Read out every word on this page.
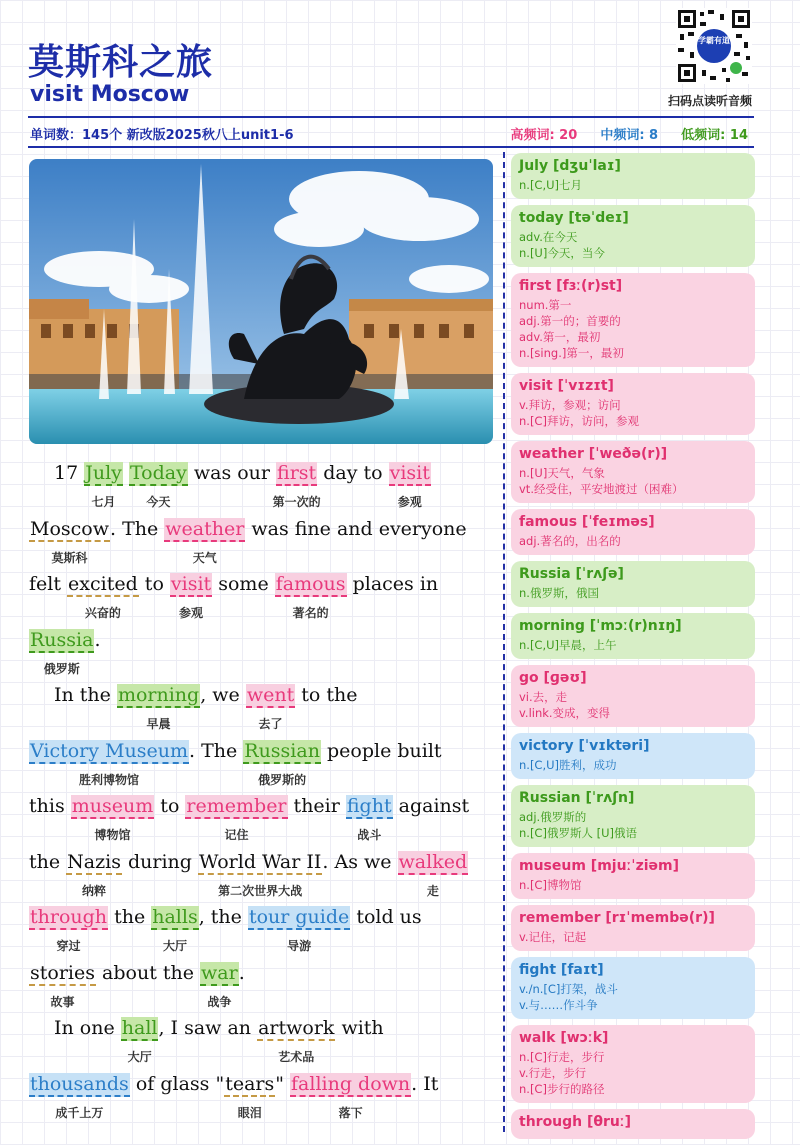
莫斯科之旅
visit Moscow
学霸有道
扫码点读听音频
单词数：145个 新改版2025秋八上unit1-6	高频词: 20 中频词: 8 低频词: 14
17 July
七月
Today
今天
was our first
第一次的
day to visit
参观
Moscow
莫斯科
. The weather
天气
was fine and everyone
felt excited
兴奋的
to visit
参观
some famous
著名的
places in
Russia
俄罗斯
.
In the morning
早晨
, we went
去了
to the
Victory Museum
胜利博物馆
. The Russian
俄罗斯的
people built
this museum
博物馆
to remember
记住
their fight
战斗
against
the Nazis
纳粹
during World War II
第二次世界大战
. As we walked
走
through
穿过
the halls
大厅
, the tour guide
导游
told us
stories
故事
about the war
战争
.
In one hall
大厅
, I saw an artwork
艺术品
with
thousands
成千上万
of glass "tears
眼泪
" falling down
落下
. It
July [dʒuˈlaɪ]
n.[C,U]七月
today [təˈdeɪ]
adv.在今天
n.[U]今天，当今
first [fɜː(r)st]
num.第一
adj.第一的；首要的
adv.第一，最初
n.[sing.]第一，最初
visit [ˈvɪzɪt]
v.拜访，参观；访问
n.[C]拜访，访问，参观
weather [ˈweðə(r)]
n.[U]天气，气象
vt.经受住，平安地渡过（困难）
famous [ˈfeɪməs]
adj.著名的，出名的
Russia [ˈrʌʃə]
n.俄罗斯，俄国
morning [ˈmɔː(r)nɪŋ]
n.[C,U]早晨，上午
go [ɡəʊ]
vi.去，走
v.link.变成，变得
victory [ˈvɪktəri]
n.[C,U]胜利，成功
Russian [ˈrʌʃn]
adj.俄罗斯的
n.[C]俄罗斯人 [U]俄语
museum [mjuːˈziəm]
n.[C]博物馆
remember [rɪˈmembə(r)]
v.记住，记起
fight [faɪt]
v./n.[C]打架，战斗
v.与……作斗争
walk [wɔːk]
n.[C]行走，步行
v.行走，步行
n.[C]步行的路径
through [θruː]
